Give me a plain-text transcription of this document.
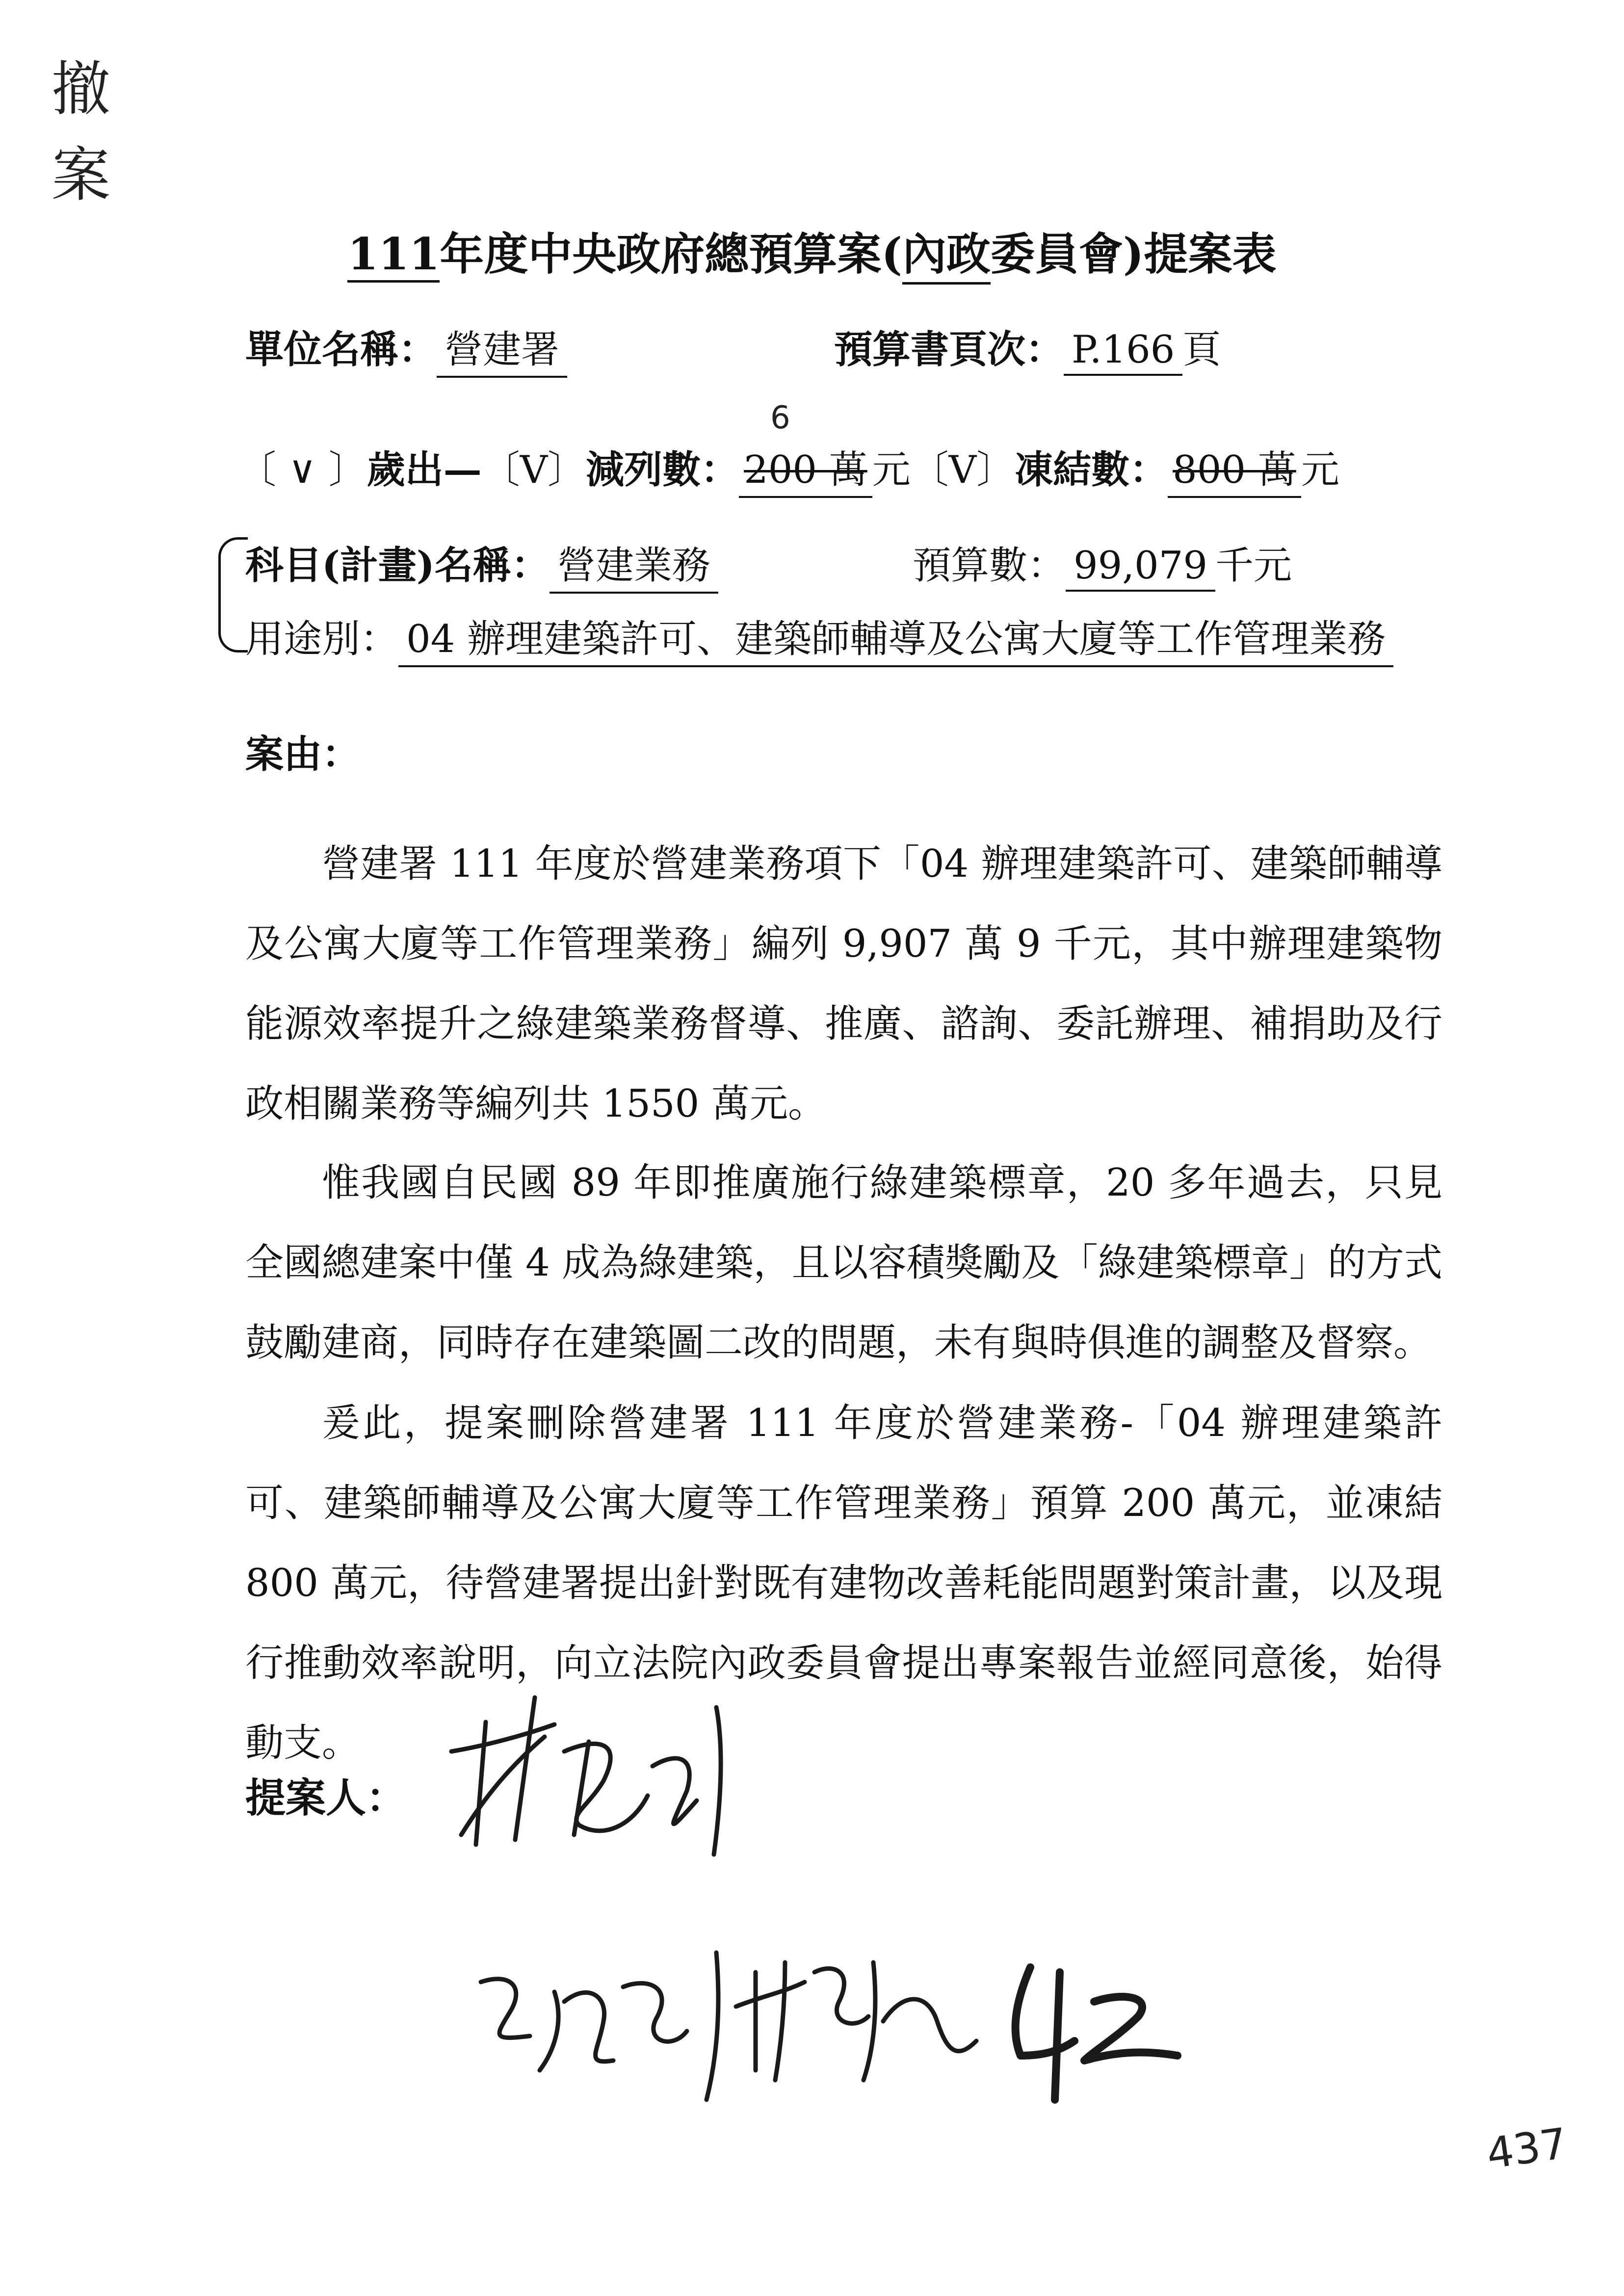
撤
案
111年度中央政府總預算案(內政委員會)提案表
單位名稱： 營建署	預算書頁次： P.166 頁
6
〔 ∨ 〕歲出—〔V〕減列數： 200 萬 元〔V〕凍結數： 800 萬 元
科目(計畫)名稱： 營建業務	預算數： 99,079 千元
用途別： 04 辦理建築許可、建築師輔導及公寓大廈等工作管理業務
案由：

營建署 111 年度於營建業務項下「04 辦理建築許可、建築師輔導及公寓大廈等工作管理業務」編列 9,907 萬 9 千元，其中辦理建築物能源效率提升之綠建築業務督導、推廣、諮詢、委託辦理、補捐助及行政相關業務等編列共 1550 萬元。

惟我國自民國 89 年即推廣施行綠建築標章，20 多年過去，只見全國總建案中僅 4 成為綠建築，且以容積獎勵及「綠建築標章」的方式鼓勵建商，同時存在建築圖二改的問題，未有與時俱進的調整及督察。

爰此，提案刪除營建署 111 年度於營建業務-「04 辦理建築許可、建築師輔導及公寓大廈等工作管理業務」預算 200 萬元，並凍結 800 萬元，待營建署提出針對既有建物改善耗能問題對策計畫，以及現行推動效率說明，向立法院內政委員會提出專案報告並經同意後，始得動支。

提案人：
437
